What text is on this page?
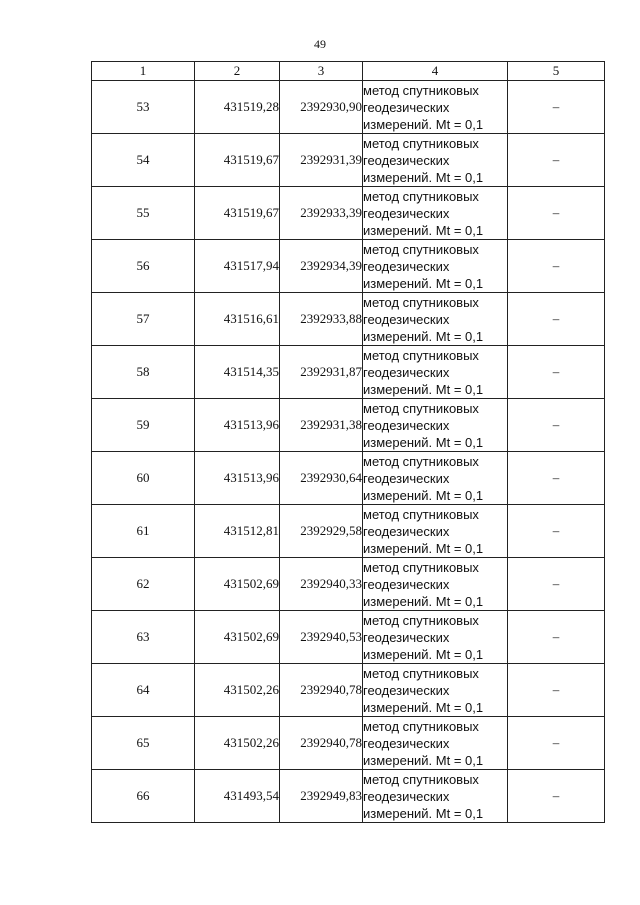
49
1	2	3	4	5
53	431519,28	2392930,90	метод спутниковых
геодезических
измерений. Mt = 0,1	–
54	431519,67	2392931,39	метод спутниковых
геодезических
измерений. Mt = 0,1	–
55	431519,67	2392933,39	метод спутниковых
геодезических
измерений. Mt = 0,1	–
56	431517,94	2392934,39	метод спутниковых
геодезических
измерений. Mt = 0,1	–
57	431516,61	2392933,88	метод спутниковых
геодезических
измерений. Mt = 0,1	–
58	431514,35	2392931,87	метод спутниковых
геодезических
измерений. Mt = 0,1	–
59	431513,96	2392931,38	метод спутниковых
геодезических
измерений. Mt = 0,1	–
60	431513,96	2392930,64	метод спутниковых
геодезических
измерений. Mt = 0,1	–
61	431512,81	2392929,58	метод спутниковых
геодезических
измерений. Mt = 0,1	–
62	431502,69	2392940,33	метод спутниковых
геодезических
измерений. Mt = 0,1	–
63	431502,69	2392940,53	метод спутниковых
геодезических
измерений. Mt = 0,1	–
64	431502,26	2392940,78	метод спутниковых
геодезических
измерений. Mt = 0,1	–
65	431502,26	2392940,78	метод спутниковых
геодезических
измерений. Mt = 0,1	–
66	431493,54	2392949,83	метод спутниковых
геодезических
измерений. Mt = 0,1	–
